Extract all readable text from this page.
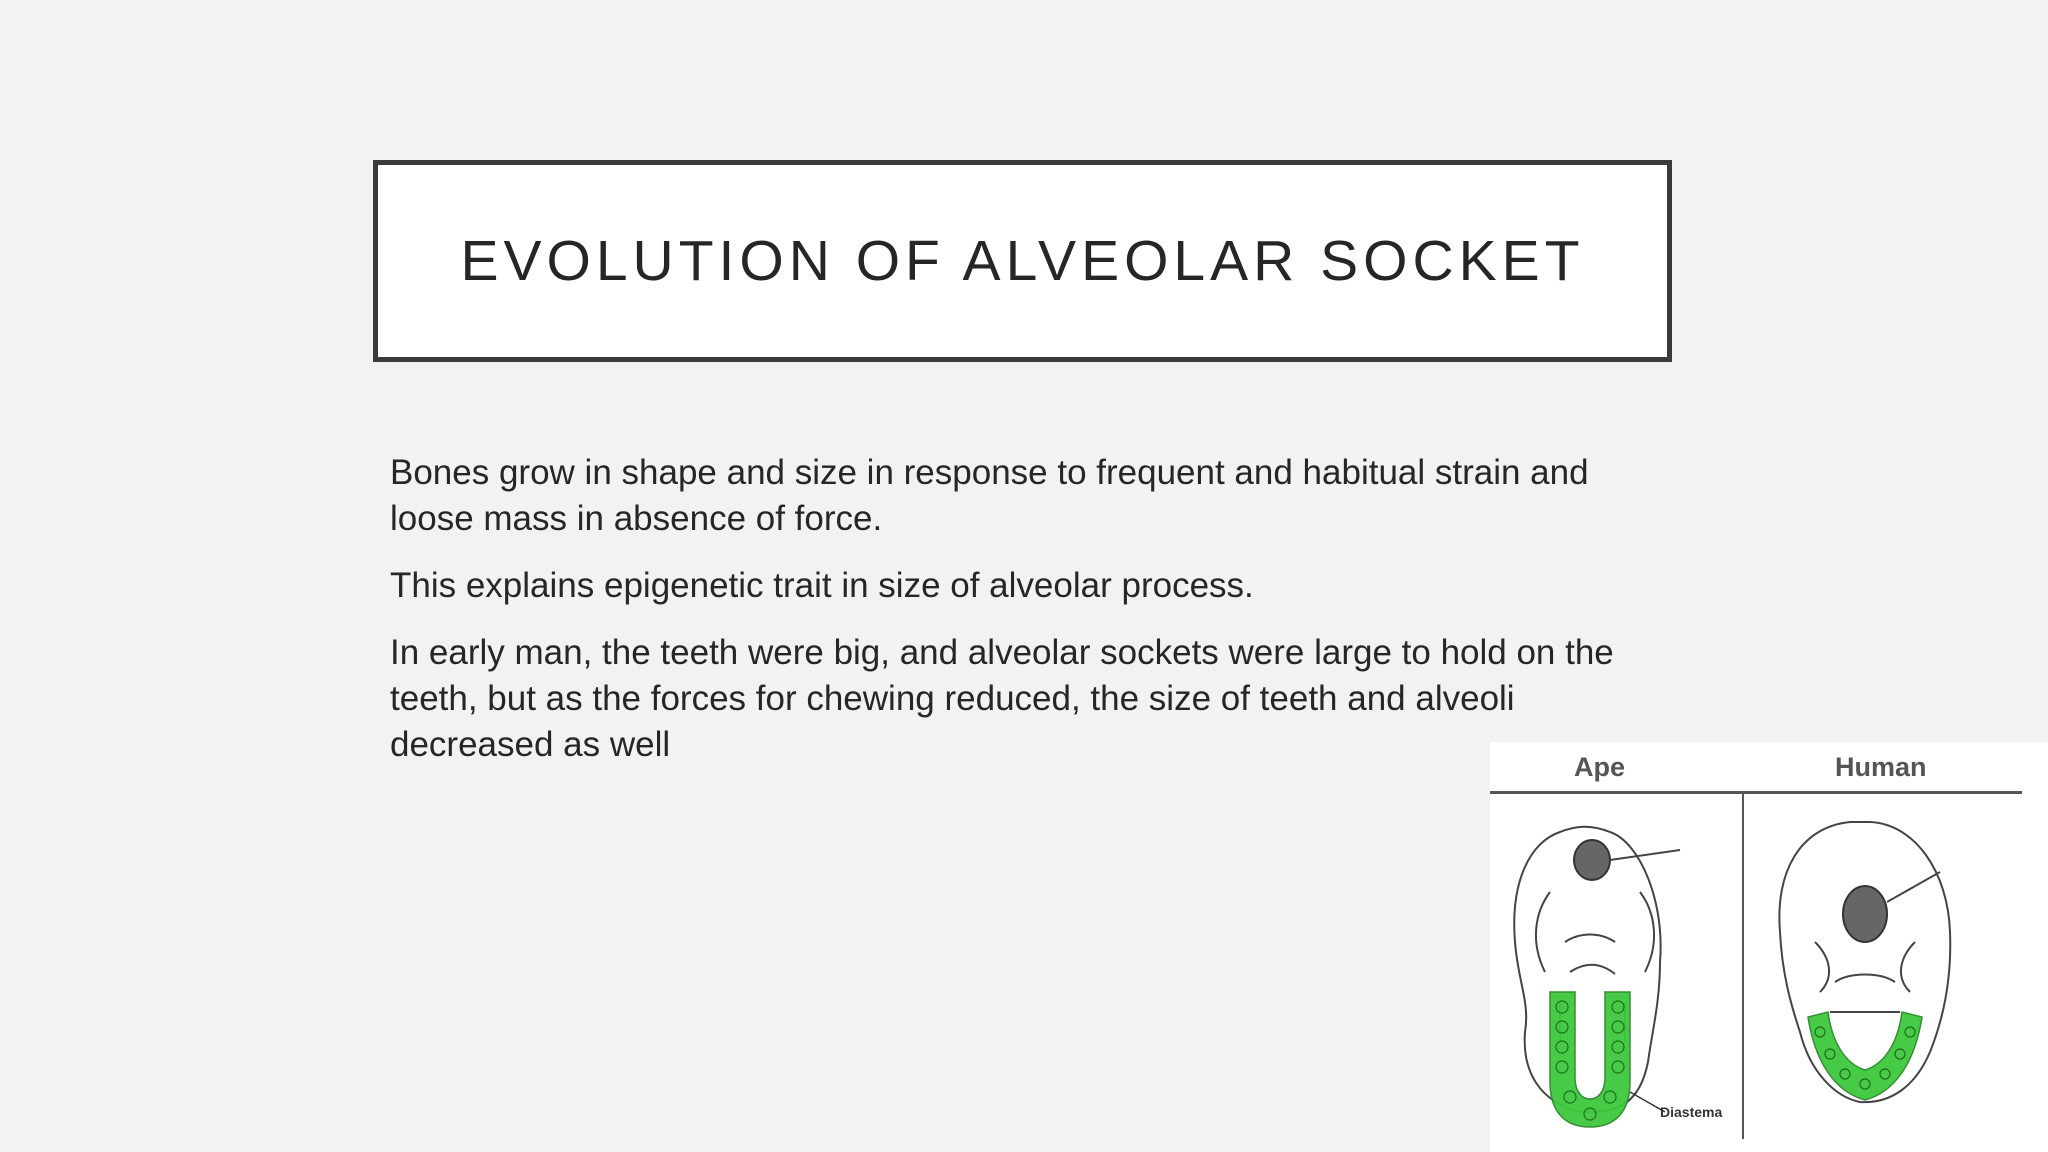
EVOLUTION OF ALVEOLAR SOCKET

Bones grow in shape and size in response to frequent and habitual strain and loose mass in absence of force.

This explains epigenetic trait in size of alveolar process.

In early man, the teeth were big, and alveolar sockets were large to hold on the teeth, but as the forces for chewing reduced, the size of teeth and alveoli decreased as well

Ape	Human
Diastema
